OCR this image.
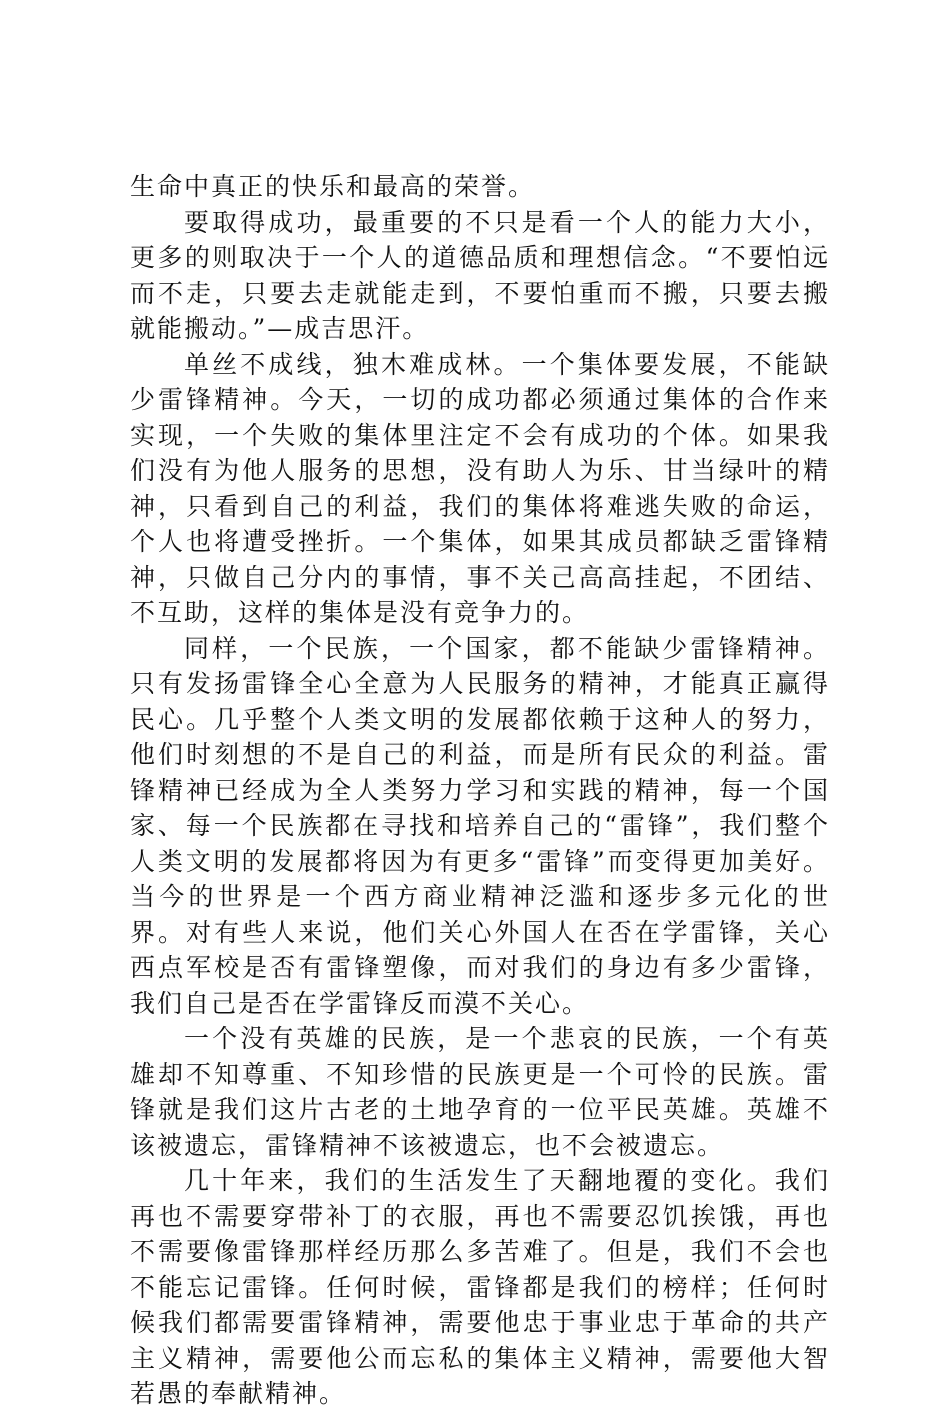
生命中真正的快乐和最高的荣誉。

要取得成功，最重要的不只是看一个人的能力大小，更多的则取决于一个人的道德品质和理想信念。“不要怕远而不走，只要去走就能走到，不要怕重而不搬，只要去搬就能搬动。”—成吉思汗。

单丝不成线，独木难成林。一个集体要发展，不能缺少雷锋精神。今天，一切的成功都必须通过集体的合作来实现，一个失败的集体里注定不会有成功的个体。如果我们没有为他人服务的思想，没有助人为乐、甘当绿叶的精神，只看到自己的利益，我们的集体将难逃失败的命运，个人也将遭受挫折。一个集体，如果其成员都缺乏雷锋精神，只做自己分内的事情，事不关己高高挂起，不团结、不互助，这样的集体是没有竞争力的。

同样，一个民族，一个国家，都不能缺少雷锋精神。只有发扬雷锋全心全意为人民服务的精神，才能真正赢得民心。几乎整个人类文明的发展都依赖于这种人的努力，他们时刻想的不是自己的利益，而是所有民众的利益。雷锋精神已经成为全人类努力学习和实践的精神，每一个国家、每一个民族都在寻找和培养自己的“雷锋”，我们整个人类文明的发展都将因为有更多“雷锋”而变得更加美好。当今的世界是一个西方商业精神泛滥和逐步多元化的世界。对有些人来说，他们关心外国人在否在学雷锋，关心西点军校是否有雷锋塑像，而对我们的身边有多少雷锋，我们自己是否在学雷锋反而漠不关心。

一个没有英雄的民族，是一个悲哀的民族，一个有英雄却不知尊重、不知珍惜的民族更是一个可怜的民族。雷锋就是我们这片古老的土地孕育的一位平民英雄。英雄不该被遗忘，雷锋精神不该被遗忘，也不会被遗忘。

几十年来，我们的生活发生了天翻地覆的变化。我们再也不需要穿带补丁的衣服，再也不需要忍饥挨饿，再也不需要像雷锋那样经历那么多苦难了。但是，我们不会也不能忘记雷锋。任何时候，雷锋都是我们的榜样；任何时候我们都需要雷锋精神，需要他忠于事业忠于革命的共产主义精神，需要他公而忘私的集体主义精神，需要他大智若愚的奉献精神。
